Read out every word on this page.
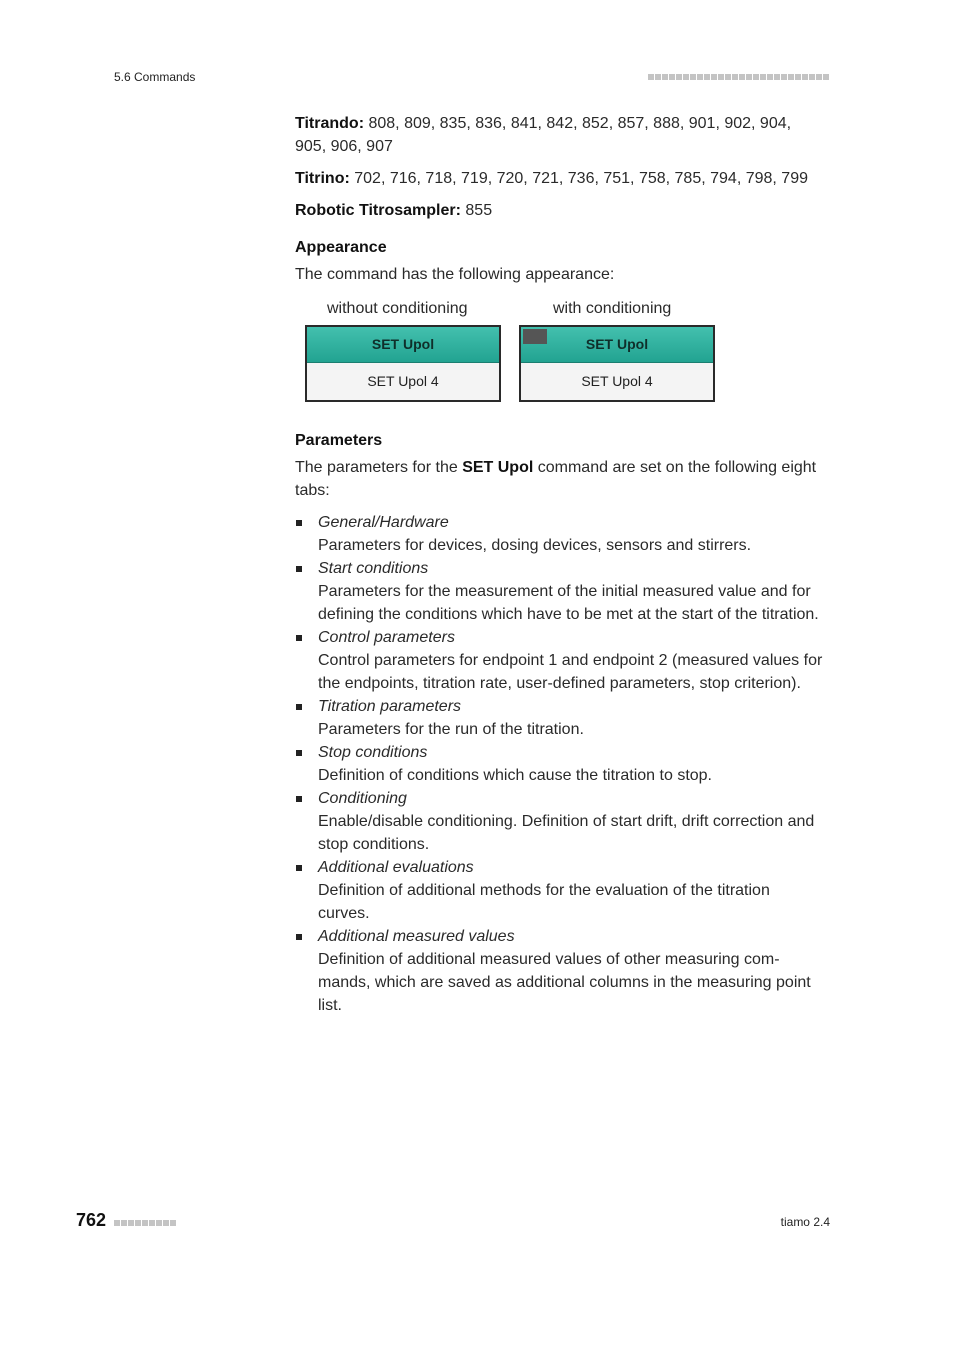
5.6 Commands

Titrando: 808, 809, 835, 836, 841, 842, 852, 857, 888, 901, 902, 904, 905, 906, 907

Titrino: 702, 716, 718, 719, 720, 721, 736, 751, 758, 785, 794, 798, 799

Robotic Titrosampler: 855

Appearance

The command has the following appearance:

without conditioning	with conditioning
SET Upol
SET Upol 4
SET Upol
SET Upol 4
Parameters

The parameters for the SET Upol command are set on the following eight tabs:

General/Hardware
Parameters for devices, dosing devices, sensors and stirrers.
Start conditions
Parameters for the measurement of the initial measured value and for defining the conditions which have to be met at the start of the titration.
Control parameters
Control parameters for endpoint 1 and endpoint 2 (measured values for the endpoints, titration rate, user-defined parameters, stop criterion).
Titration parameters
Parameters for the run of the titration.
Stop conditions
Definition of conditions which cause the titration to stop.
Conditioning
Enable/disable conditioning. Definition of start drift, drift correction and stop conditions.
Additional evaluations
Definition of additional methods for the evaluation of the titration curves.
Additional measured values
Definition of additional measured values of other measuring commands, which are saved as additional columns in the measuring point list.
762	tiamo 2.4
